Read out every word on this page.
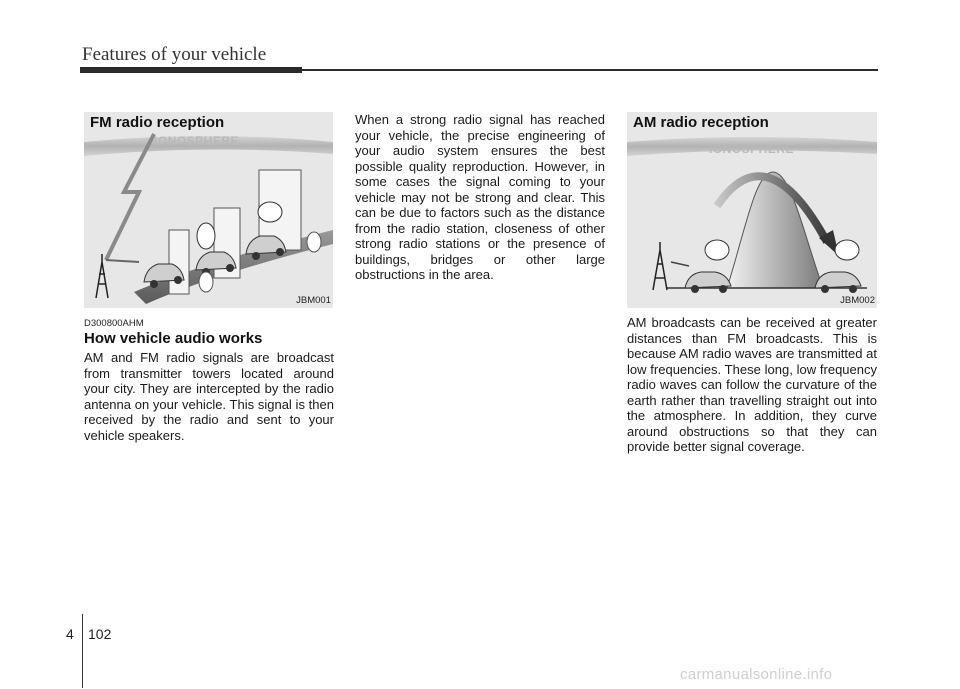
Features of your vehicle
FM radio reception
IONOSPHERE
JBM001
AM radio reception
IONOSPHERE
JBM002
D300800AHM
How vehicle audio works
AM and FM radio signals are broadcast from transmitter towers located around your city. They are intercepted by the radio antenna on your vehicle. This signal is then received by the radio and sent to your vehicle speakers.
When a strong radio signal has reached your vehicle, the precise engineering of your audio system ensures the best possible quality reproduction. However, in some cases the signal coming to your vehicle may not be strong and clear. This can be due to factors such as the distance from the radio station, closeness of other strong radio stations or the presence of buildings, bridges or other large obstructions in the area.
AM broadcasts can be received at greater distances than FM broadcasts. This is because AM radio waves are transmitted at low frequencies. These long, low frequency radio waves can follow the curvature of the earth rather than travelling straight out into the atmosphere. In addition, they curve around obstructions so that they can provide better signal coverage.
4 102
carmanualsonline.info
